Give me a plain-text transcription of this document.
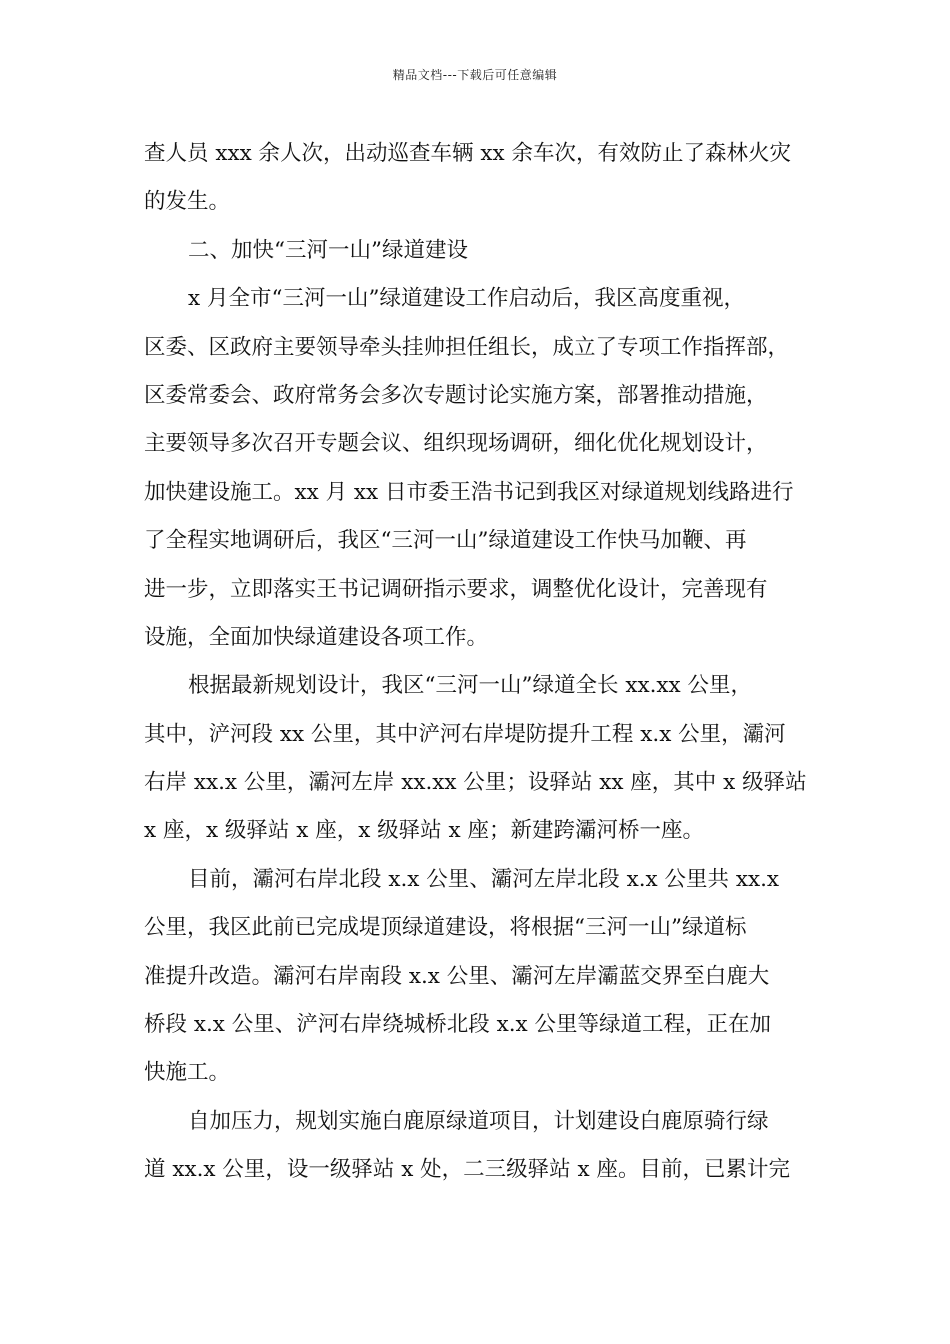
精品文档---下载后可任意编辑
查人员 xxx 余人次，出动巡查车辆 xx 余车次，有效防止了森林火灾
的发生。
二、加快“三河一山”绿道建设
x 月全市“三河一山”绿道建设工作启动后，我区高度重视，
区委、区政府主要领导牵头挂帅担任组长，成立了专项工作指挥部，
区委常委会、政府常务会多次专题讨论实施方案，部署推动措施，
主要领导多次召开专题会议、组织现场调研，细化优化规划设计，
加快建设施工。xx 月 xx 日市委王浩书记到我区对绿道规划线路进行
了全程实地调研后，我区“三河一山”绿道建设工作快马加鞭、再
进一步，立即落实王书记调研指示要求，调整优化设计，完善现有
设施，全面加快绿道建设各项工作。
根据最新规划设计，我区“三河一山”绿道全长 xx.xx 公里，
其中，浐河段 xx 公里，其中浐河右岸堤防提升工程 x.x 公里，灞河
右岸 xx.x 公里，灞河左岸 xx.xx 公里；设驿站 xx 座，其中 x 级驿站
x 座，x 级驿站 x 座，x 级驿站 x 座；新建跨灞河桥一座。
目前，灞河右岸北段 x.x 公里、灞河左岸北段 x.x 公里共 xx.x
公里，我区此前已完成堤顶绿道建设，将根据“三河一山”绿道标
准提升改造。灞河右岸南段 x.x 公里、灞河左岸灞蓝交界至白鹿大
桥段 x.x 公里、浐河右岸绕城桥北段 x.x 公里等绿道工程，正在加
快施工。
自加压力，规划实施白鹿原绿道项目，计划建设白鹿原骑行绿
道 xx.x 公里，设一级驿站 x 处，二三级驿站 x 座。目前，已累计完
